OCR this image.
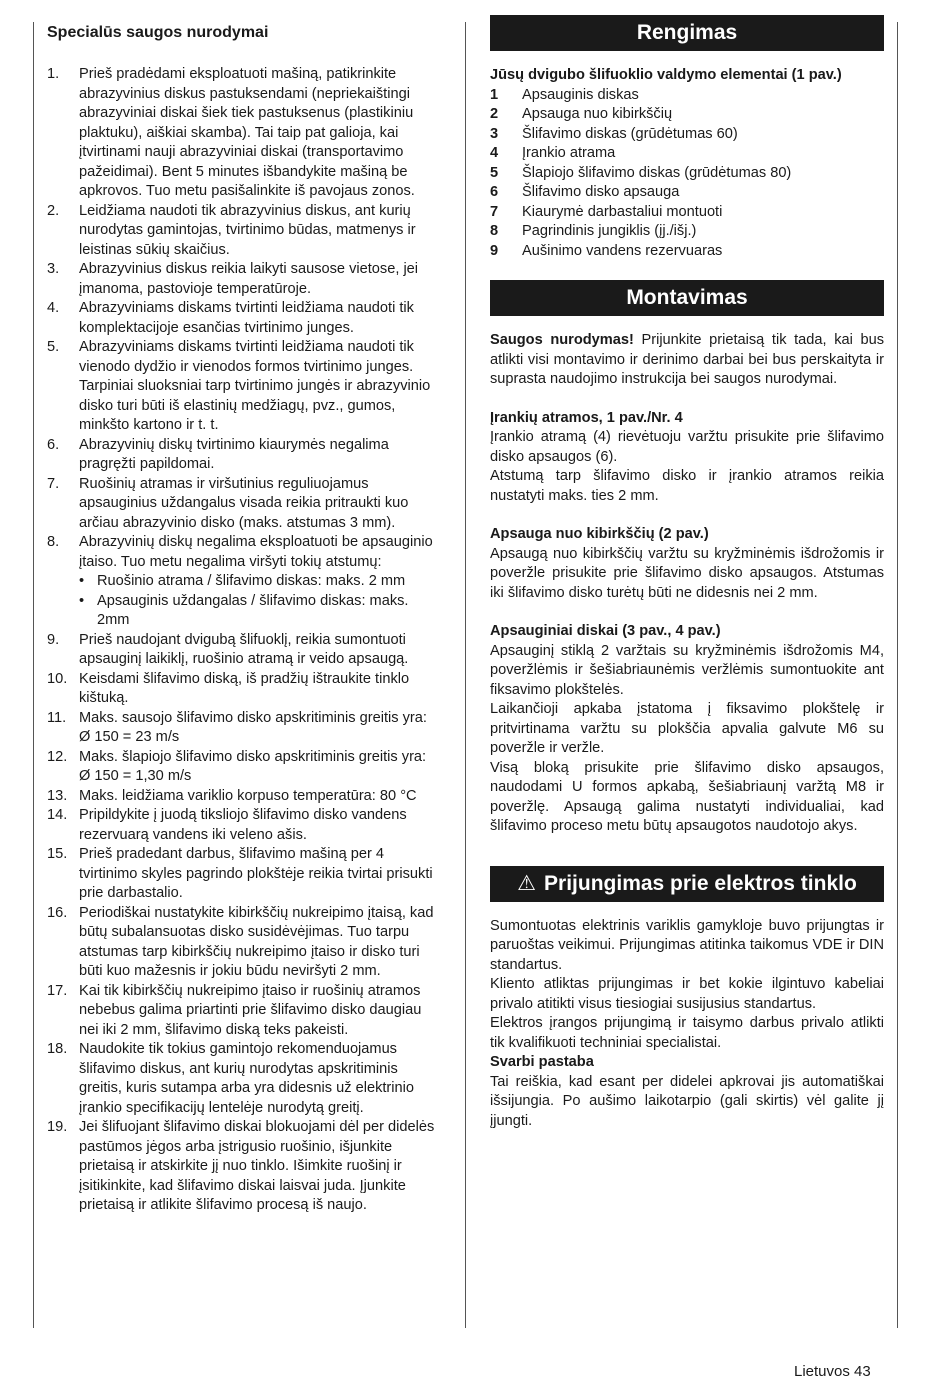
Specialūs saugos nurodymai
1. Prieš pradėdami eksploatuoti mašiną, patikrinkite abrazyvinius diskus pastuksendami (nepriekaištingi abrazyviniai diskai šiek tiek pastuksenus (plastikiniu plaktuku), aiškiai skamba). Tai taip pat galioja, kai įtvirtinami nauji abrazyviniai diskai (transportavimo pažeidimai). Bent 5 minutes išbandykite mašiną be apkrovos. Tuo metu pasišalinkite iš pavojaus zonos.
2. Leidžiama naudoti tik abrazyvinius diskus, ant kurių nurodytas gamintojas, tvirtinimo būdas, matmenys ir leistinas sūkių skaičius.
3. Abrazyvinius diskus reikia laikyti sausose vietose, jei įmanoma, pastovioje temperatūroje.
4. Abrazyviniams diskams tvirtinti leidžiama naudoti tik komplektacijoje esančias tvirtinimo junges.
5. Abrazyviniams diskams tvirtinti leidžiama naudoti tik vienodo dydžio ir vienodos formos tvirtinimo junges. Tarpiniai sluoksniai tarp tvirtinimo jungės ir abrazyvinio disko turi būti iš elastinių medžiagų, pvz., gumos, minkšto kartono ir t. t.
6. Abrazyvinių diskų tvirtinimo kiaurymės negalima pragręžti papildomai.
7. Ruošinių atramas ir viršutinius reguliuojamus apsauginius uždangalus visada reikia pritraukti kuo arčiau abrazyvinio disko (maks. atstumas 3 mm).
8. Abrazyvinių diskų negalima eksploatuoti be apsauginio įtaiso. Tuo metu negalima viršyti tokių atstumų:
• Ruošinio atrama / šlifavimo diskas: maks. 2 mm
• Apsauginis uždangalas / šlifavimo diskas: maks. 2mm
9. Prieš naudojant dvigubą šlifuoklį, reikia sumontuoti apsauginį laikiklį, ruošinio atramą ir veido apsaugą.
10. Keisdami šlifavimo diską, iš pradžių ištraukite tinklo kištuką.
11. Maks. sausojo šlifavimo disko apskritiminis greitis yra: Ø 150 = 23 m/s
12. Maks. šlapiojo šlifavimo disko apskritiminis greitis yra: Ø 150 = 1,30 m/s
13. Maks. leidžiama variklio korpuso temperatūra: 80 °C
14. Pripildykite į juodą tiksliojo šlifavimo disko vandens rezervuarą vandens iki veleno ašis.
15. Prieš pradedant darbus, šlifavimo mašiną per 4 tvirtinimo skyles pagrindo plokštėje reikia tvirtai prisukti prie darbastalio.
16. Periodiškai nustatykite kibirkščių nukreipimo įtaisą, kad būtų subalansuotas disko susidėvėjimas. Tuo tarpu atstumas tarp kibirkščių nukreipimo įtaiso ir disko turi būti kuo mažesnis ir jokiu būdu neviršyti 2 mm.
17. Kai tik kibirkščių nukreipimo įtaiso ir ruošinių atramos nebebus galima priartinti prie šlifavimo disko daugiau nei iki 2 mm, šlifavimo diską teks pakeisti.
18. Naudokite tik tokius gamintojo rekomenduojamus šlifavimo diskus, ant kurių nurodytas apskritiminis greitis, kuris sutampa arba yra didesnis už elektrinio įrankio specifikacijų lentelėje nurodytą greitį.
19. Jei šlifuojant šlifavimo diskai blokuojami dėl per didelės pastūmos jėgos arba įstrigusio ruošinio, išjunkite prietaisą ir atskirkite jį nuo tinklo. Išimkite ruošinį ir įsitikinkite, kad šlifavimo diskai laisvai juda. Įjunkite prietaisą ir atlikite šlifavimo procesą iš naujo.
Rengimas
Jūsų dvigubo šlifuoklio valdymo elementai (1 pav.)
1 Apsauginis diskas
2 Apsauga nuo kibirkščių
3 Šlifavimo diskas (grūdėtumas 60)
4 Įrankio atrama
5 Šlapiojo šlifavimo diskas (grūdėtumas 80)
6 Šlifavimo disko apsauga
7 Kiaurymė darbastaliui montuoti
8 Pagrindinis jungiklis (įj./išj.)
9 Aušinimo vandens rezervuaras
Montavimas

Saugos nurodymas! Prijunkite prietaisą tik tada, kai bus atlikti visi montavimo ir derinimo darbai bei bus perskaityta ir suprasta naudojimo instrukcija bei saugos nurodymai.

Įrankių atramos, 1 pav./Nr. 4

Įrankio atramą (4) rievėtuoju varžtu prisukite prie šlifavimo disko apsaugos (6).

Atstumą tarp šlifavimo disko ir įrankio atramos reikia nustatyti maks. ties 2 mm.

Apsauga nuo kibirkščių (2 pav.)

Apsaugą nuo kibirkščių varžtu su kryžminėmis išdrožomis ir poveržle prisukite prie šlifavimo disko apsaugos. Atstumas iki šlifavimo disko turėtų būti ne didesnis nei 2 mm.

Apsauginiai diskai (3 pav., 4 pav.)

Apsauginį stiklą 2 varžtais su kryžminėmis išdrožomis M4, poveržlėmis ir šešiabriaunėmis veržlėmis sumontuokite ant fiksavimo plokštelės.

Laikančioji apkaba įstatoma į fiksavimo plokštelę ir pritvirtinama varžtu su plokščia apvalia galvute M6 su poveržle ir veržle.

Visą bloką prisukite prie šlifavimo disko apsaugos, naudodami U formos apkabą, šešiabriaunį varžtą M8 ir poveržlę. Apsaugą galima nustatyti individualiai, kad šlifavimo proceso metu būtų apsaugotos naudotojo akys.

⚠ Prijungimas prie elektros tinklo

Sumontuotas elektrinis variklis gamykloje buvo prijungtas ir paruoštas veikimui. Prijungimas atitinka taikomus VDE ir DIN standartus.

Kliento atliktas prijungimas ir bet kokie ilgintuvo kabeliai privalo atitikti visus tiesiogiai susijusius standartus.

Elektros įrangos prijungimą ir taisymo darbus privalo atlikti tik kvalifikuoti techniniai specialistai.

Svarbi pastaba

Tai reiškia, kad esant per didelei apkrovai jis automatiškai išsijungia. Po aušimo laikotarpio (gali skirtis) vėl galite jį įjungti.

Lietuvos 43
